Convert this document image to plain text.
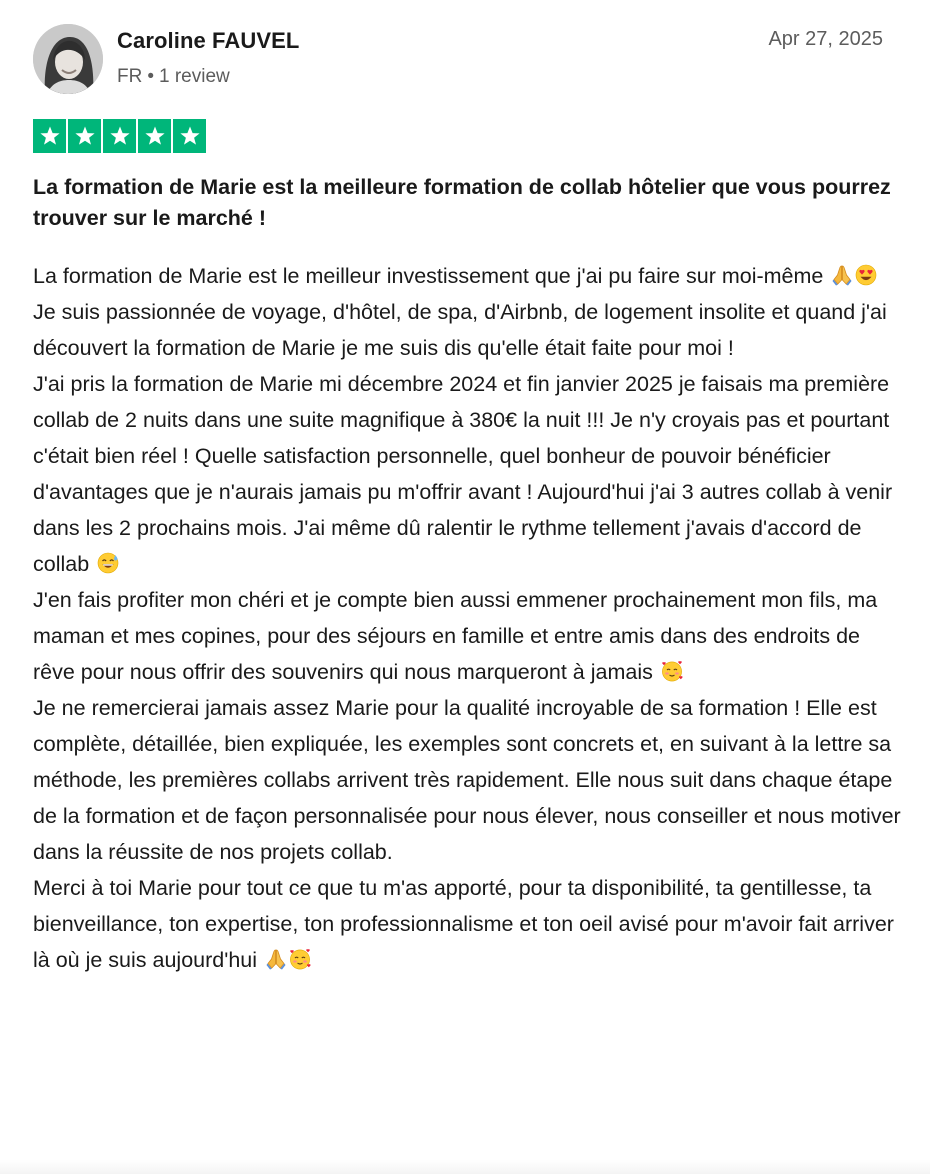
Caroline FAUVEL
FR • 1 review
Apr 27, 2025
La formation de Marie est la meilleure formation de collab hôtelier que vous pourrez trouver sur le marché !

La formation de Marie est le meilleur investissement que j'ai pu faire sur moi-même

Je suis passionnée de voyage, d'hôtel, de spa, d'Airbnb, de logement insolite et quand j'ai découvert la formation de Marie je me suis dis qu'elle était faite pour moi !

J'ai pris la formation de Marie mi décembre 2024 et fin janvier 2025 je faisais ma première collab de 2 nuits dans une suite magnifique à 380€ la nuit !!! Je n'y croyais pas et pourtant c'était bien réel ! Quelle satisfaction personnelle, quel bonheur de pouvoir bénéficier d'avantages que je n'aurais jamais pu m'offrir avant ! Aujourd'hui j'ai 3 autres collab à venir dans les 2 prochains mois. J'ai même dû ralentir le rythme tellement j'avais d'accord de collab

J'en fais profiter mon chéri et je compte bien aussi emmener prochainement mon fils, ma maman et mes copines, pour des séjours en famille et entre amis dans des endroits de rêve pour nous offrir des souvenirs qui nous marqueront à jamais

Je ne remercierai jamais assez Marie pour la qualité incroyable de sa formation ! Elle est complète, détaillée, bien expliquée, les exemples sont concrets et, en suivant à la lettre sa méthode, les premières collabs arrivent très rapidement. Elle nous suit dans chaque étape de la formation et de façon personnalisée pour nous élever, nous conseiller et nous motiver dans la réussite de nos projets collab.

Merci à toi Marie pour tout ce que tu m'as apporté, pour ta disponibilité, ta gentillesse, ta bienveillance, ton expertise, ton professionnalisme et ton oeil avisé pour m'avoir fait arriver là où je suis aujourd'hui
